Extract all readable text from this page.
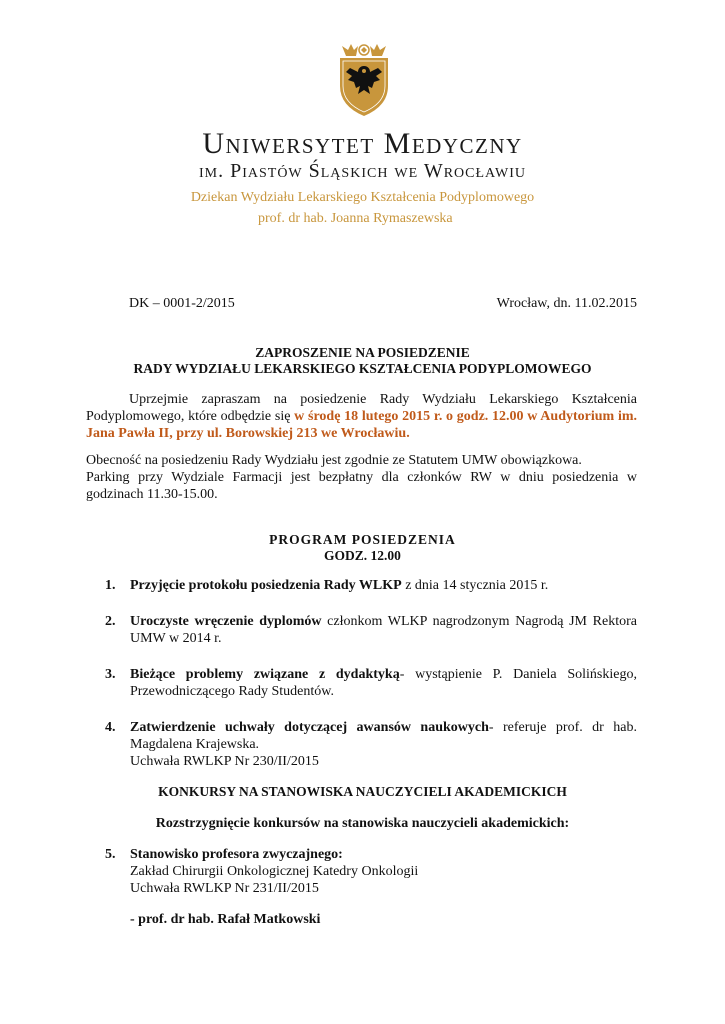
Uniwersytet Medyczny
im. Piastów Śląskich we Wrocławiu
Dziekan Wydziału Lekarskiego Kształcenia Podyplomowego
prof. dr hab. Joanna Rymaszewska
DK – 0001-2/2015	Wrocław, dn. 11.02.2015
ZAPROSZENIE NA POSIEDZENIE
RADY WYDZIAŁU LEKARSKIEGO KSZTAŁCENIA PODYPLOMOWEGO
Uprzejmie zapraszam na posiedzenie Rady Wydziału Lekarskiego Kształcenia Podyplomowego, które odbędzie się w środę 18 lutego 2015 r. o godz. 12.00 w Audytorium im. Jana Pawła II, przy ul. Borowskiej 213 we Wrocławiu.
Obecność na posiedzeniu Rady Wydziału jest zgodnie ze Statutem UMW obowiązkowa.
Parking przy Wydziale Farmacji jest bezpłatny dla członków RW w dniu posiedzenia w godzinach 11.30-15.00.
PROGRAM POSIEDZENIA
GODZ. 12.00
1. Przyjęcie protokołu posiedzenia Rady WLKP z dnia 14 stycznia 2015 r.
2. Uroczyste wręczenie dyplomów członkom WLKP nagrodzonym Nagrodą JM Rektora UMW w 2014 r.
3. Bieżące problemy związane z dydaktyką- wystąpienie P. Daniela Solińskiego, Przewodniczącego Rady Studentów.
4. Zatwierdzenie uchwały dotyczącej awansów naukowych- referuje prof. dr hab. Magdalena Krajewska.
Uchwała RWLKP Nr 230/II/2015
KONKURSY NA STANOWISKA NAUCZYCIELI AKADEMICKICH
Rozstrzygnięcie konkursów na stanowiska nauczycieli akademickich:
5. Stanowisko profesora zwyczajnego:
Zakład Chirurgii Onkologicznej Katedry Onkologii
Uchwała RWLKP Nr 231/II/2015
- prof. dr hab. Rafał Matkowski
